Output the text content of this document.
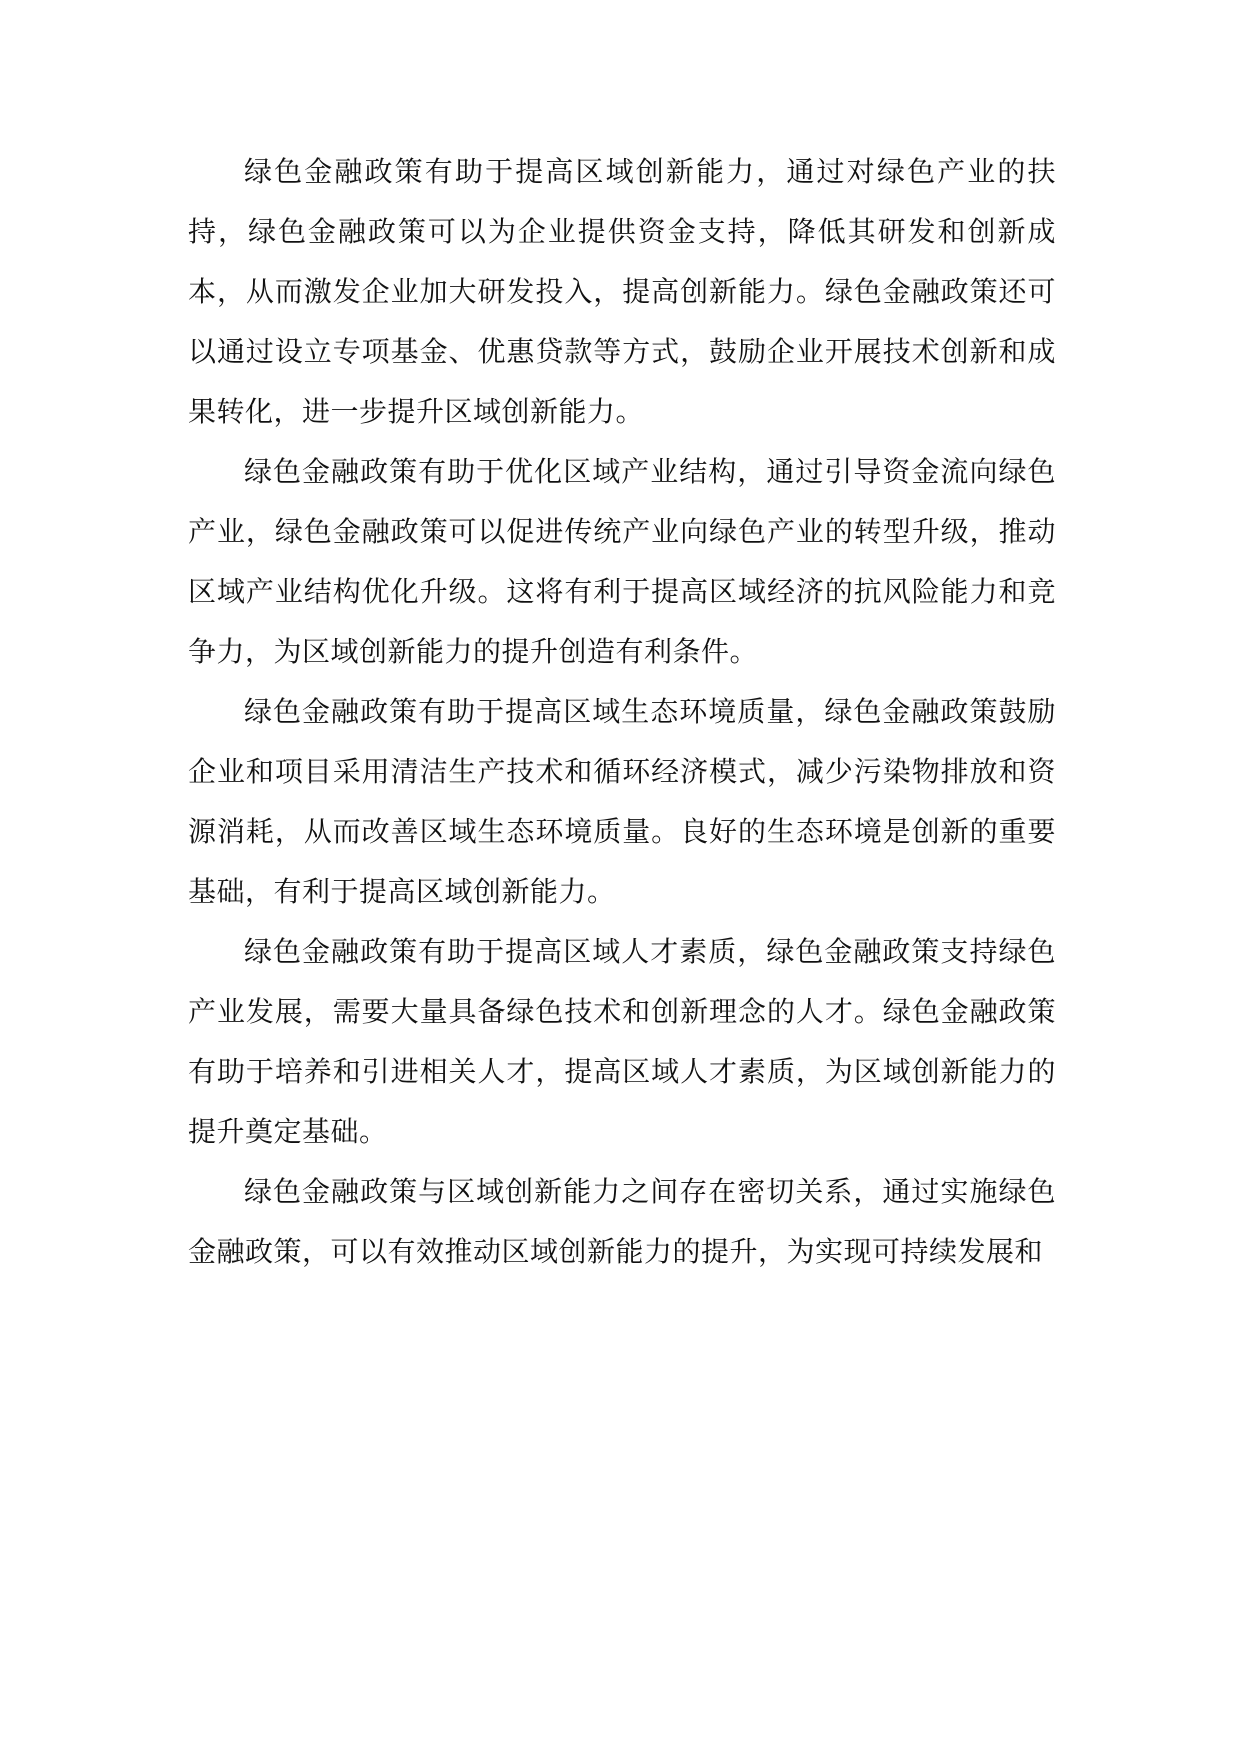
绿色金融政策有助于提高区域创新能力，通过对绿色产业的扶持，绿色金融政策可以为企业提供资金支持，降低其研发和创新成本，从而激发企业加大研发投入，提高创新能力。绿色金融政策还可以通过设立专项基金、优惠贷款等方式，鼓励企业开展技术创新和成果转化，进一步提升区域创新能力。

绿色金融政策有助于优化区域产业结构，通过引导资金流向绿色产业，绿色金融政策可以促进传统产业向绿色产业的转型升级，推动区域产业结构优化升级。这将有利于提高区域经济的抗风险能力和竞争力，为区域创新能力的提升创造有利条件。

绿色金融政策有助于提高区域生态环境质量，绿色金融政策鼓励企业和项目采用清洁生产技术和循环经济模式，减少污染物排放和资源消耗，从而改善区域生态环境质量。良好的生态环境是创新的重要基础，有利于提高区域创新能力。

绿色金融政策有助于提高区域人才素质，绿色金融政策支持绿色产业发展，需要大量具备绿色技术和创新理念的人才。绿色金融政策有助于培养和引进相关人才，提高区域人才素质，为区域创新能力的提升奠定基础。

绿色金融政策与区域创新能力之间存在密切关系，通过实施绿色金融政策，可以有效推动区域创新能力的提升，为实现可持续发展和
